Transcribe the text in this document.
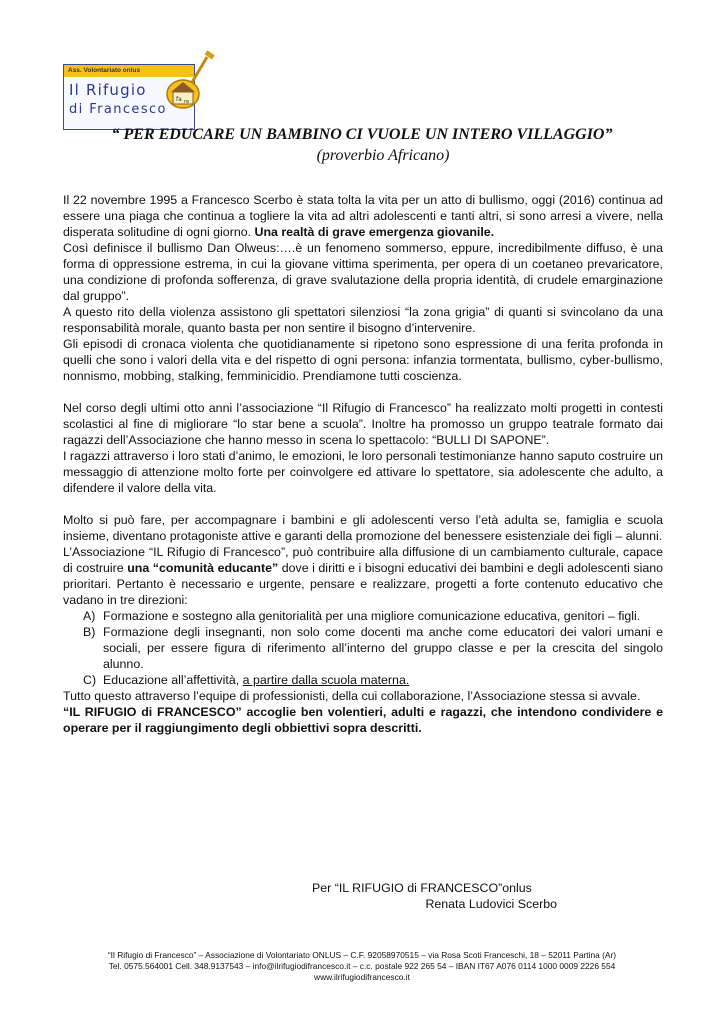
Ass. Volontariato onlus
Il Rifugio
di Francesco
fa re
“ PER EDUCARE UN BAMBINO CI VUOLE UN INTERO VILLAGGIO”
(proverbio Africano)

Il 22 novembre 1995 a Francesco Scerbo è stata tolta la vita per un atto di bullismo, oggi (2016) continua ad essere una piaga che continua a togliere la vita ad altri adolescenti e tanti altri, si sono arresi a vivere, nella disperata solitudine di ogni giorno. Una realtà di grave emergenza giovanile.

Così definisce il bullismo Dan Olweus:….è un fenomeno sommerso, eppure, incredibilmente diffuso, è una forma di oppressione estrema, in cui la giovane vittima sperimenta, per opera di un coetaneo prevaricatore, una condizione di profonda sofferenza, di grave svalutazione della propria identità, di crudele emarginazione dal gruppo”.

A questo rito della violenza assistono gli spettatori silenziosi “la zona grigia” di quanti si svincolano da una responsabilità morale, quanto basta per non sentire il bisogno d’intervenire.

Gli episodi di cronaca violenta che quotidianamente si ripetono sono espressione di una ferita profonda in quelli che sono i valori della vita e del rispetto di ogni persona: infanzia tormentata, bullismo, cyber-bullismo, nonnismo, mobbing, stalking, femminicidio. Prendiamone tutti coscienza.

Nel corso degli ultimi otto anni l’associazione “Il Rifugio di Francesco” ha realizzato molti progetti in contesti scolastici al fine di migliorare “lo star bene a scuola”. Inoltre ha promosso un gruppo teatrale formato dai ragazzi dell’Associazione che hanno messo in scena lo spettacolo: “BULLI DI SAPONE”.

I ragazzi attraverso i loro stati d’animo, le emozioni, le loro personali testimonianze hanno saputo costruire un messaggio di attenzione molto forte per coinvolgere ed attivare lo spettatore, sia adolescente che adulto, a difendere il valore della vita.

Molto si può fare, per accompagnare i bambini e gli adolescenti verso l’età adulta se, famiglia e scuola insieme, diventano protagoniste attive e garanti della promozione del benessere esistenziale dei figli – alunni.

L’Associazione “IL Rifugio di Francesco”, può contribuire alla diffusione di un cambiamento culturale, capace di costruire una “comunità educante” dove i diritti e i bisogni educativi dei bambini e degli adolescenti siano prioritari. Pertanto è necessario e urgente, pensare e realizzare, progetti a forte contenuto educativo che vadano in tre direzioni:

A) Formazione e sostegno alla genitorialità per una migliore comunicazione educativa, genitori – figli.
B) Formazione degli insegnanti, non solo come docenti ma anche come educatori dei valori umani e sociali, per essere figura di riferimento all’interno del gruppo classe e per la crescita del singolo alunno.
C) Educazione all’affettività, a partire dalla scuola materna.

Tutto questo attraverso l’equipe di professionisti, della cui collaborazione, l’Associazione stessa si avvale.

“IL RIFUGIO di FRANCESCO” accoglie ben volentieri, adulti e ragazzi, che intendono condividere e operare per il raggiungimento degli obbiettivi sopra descritti.

Per “IL RIFUGIO di FRANCESCO”onlus
Renata Ludovici Scerbo
“Il Rifugio di Francesco” – Associazione di Volontariato ONLUS – C.F. 92058970515 – via Rosa Scoti Franceschi, 18 – 52011 Partina (Ar)
Tel. 0575.564001 Cell. 348.9137543 – info@ilrifugiodifrancesco.it – c.c. postale 922 265 54 – IBAN IT67 A076 0114 1000 0009 2226 554
www.ilrifugiodifrancesco.it
